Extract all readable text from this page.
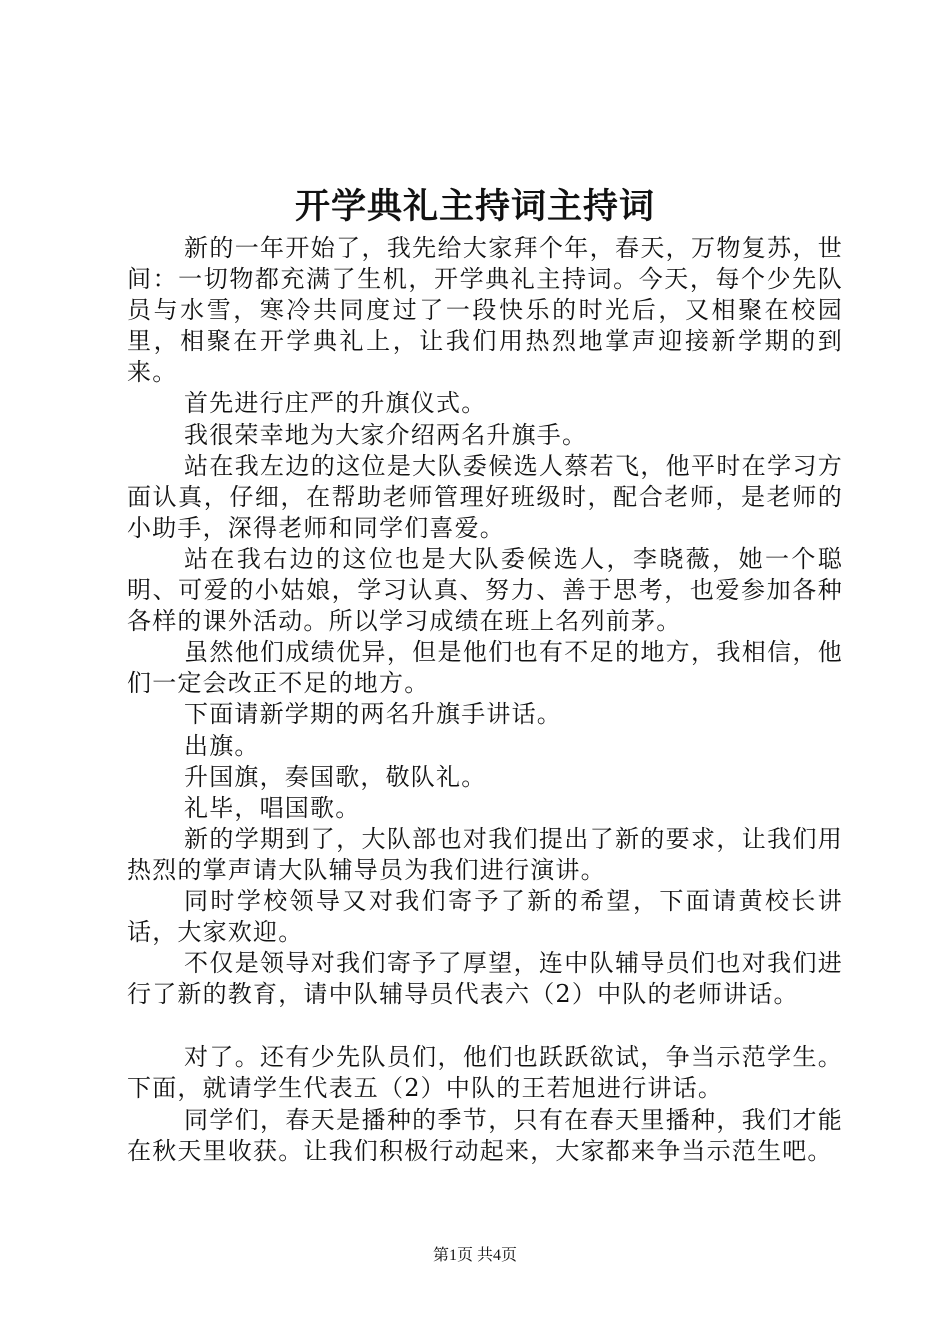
开学典礼主持词主持词

新的一年开始了，我先给大家拜个年，春天，万物复苏，世间：一切物都充满了生机，开学典礼主持词。今天，每个少先队员与水雪，寒冷共同度过了一段快乐的时光后，又相聚在校园里，相聚在开学典礼上，让我们用热烈地掌声迎接新学期的到来。

首先进行庄严的升旗仪式。

我很荣幸地为大家介绍两名升旗手。

站在我左边的这位是大队委候选人蔡若飞，他平时在学习方面认真，仔细，在帮助老师管理好班级时，配合老师，是老师的小助手，深得老师和同学们喜爱。

站在我右边的这位也是大队委候选人，李晓薇，她一个聪明、可爱的小姑娘，学习认真、努力、善于思考，也爱参加各种各样的课外活动。所以学习成绩在班上名列前茅。

虽然他们成绩优异，但是他们也有不足的地方，我相信，他们一定会改正不足的地方。

下面请新学期的两名升旗手讲话。

出旗。

升国旗，奏国歌，敬队礼。

礼毕，唱国歌。

新的学期到了，大队部也对我们提出了新的要求，让我们用热烈的掌声请大队辅导员为我们进行演讲。

同时学校领导又对我们寄予了新的希望，下面请黄校长讲话，大家欢迎。

不仅是领导对我们寄予了厚望，连中队辅导员们也对我们进行了新的教育，请中队辅导员代表六（2）中队的老师讲话。

对了。还有少先队员们，他们也跃跃欲试，争当示范学生。下面，就请学生代表五（2）中队的王若旭进行讲话。

同学们，春天是播种的季节，只有在春天里播种，我们才能在秋天里收获。让我们积极行动起来，大家都来争当示范生吧。

第1页 共4页
